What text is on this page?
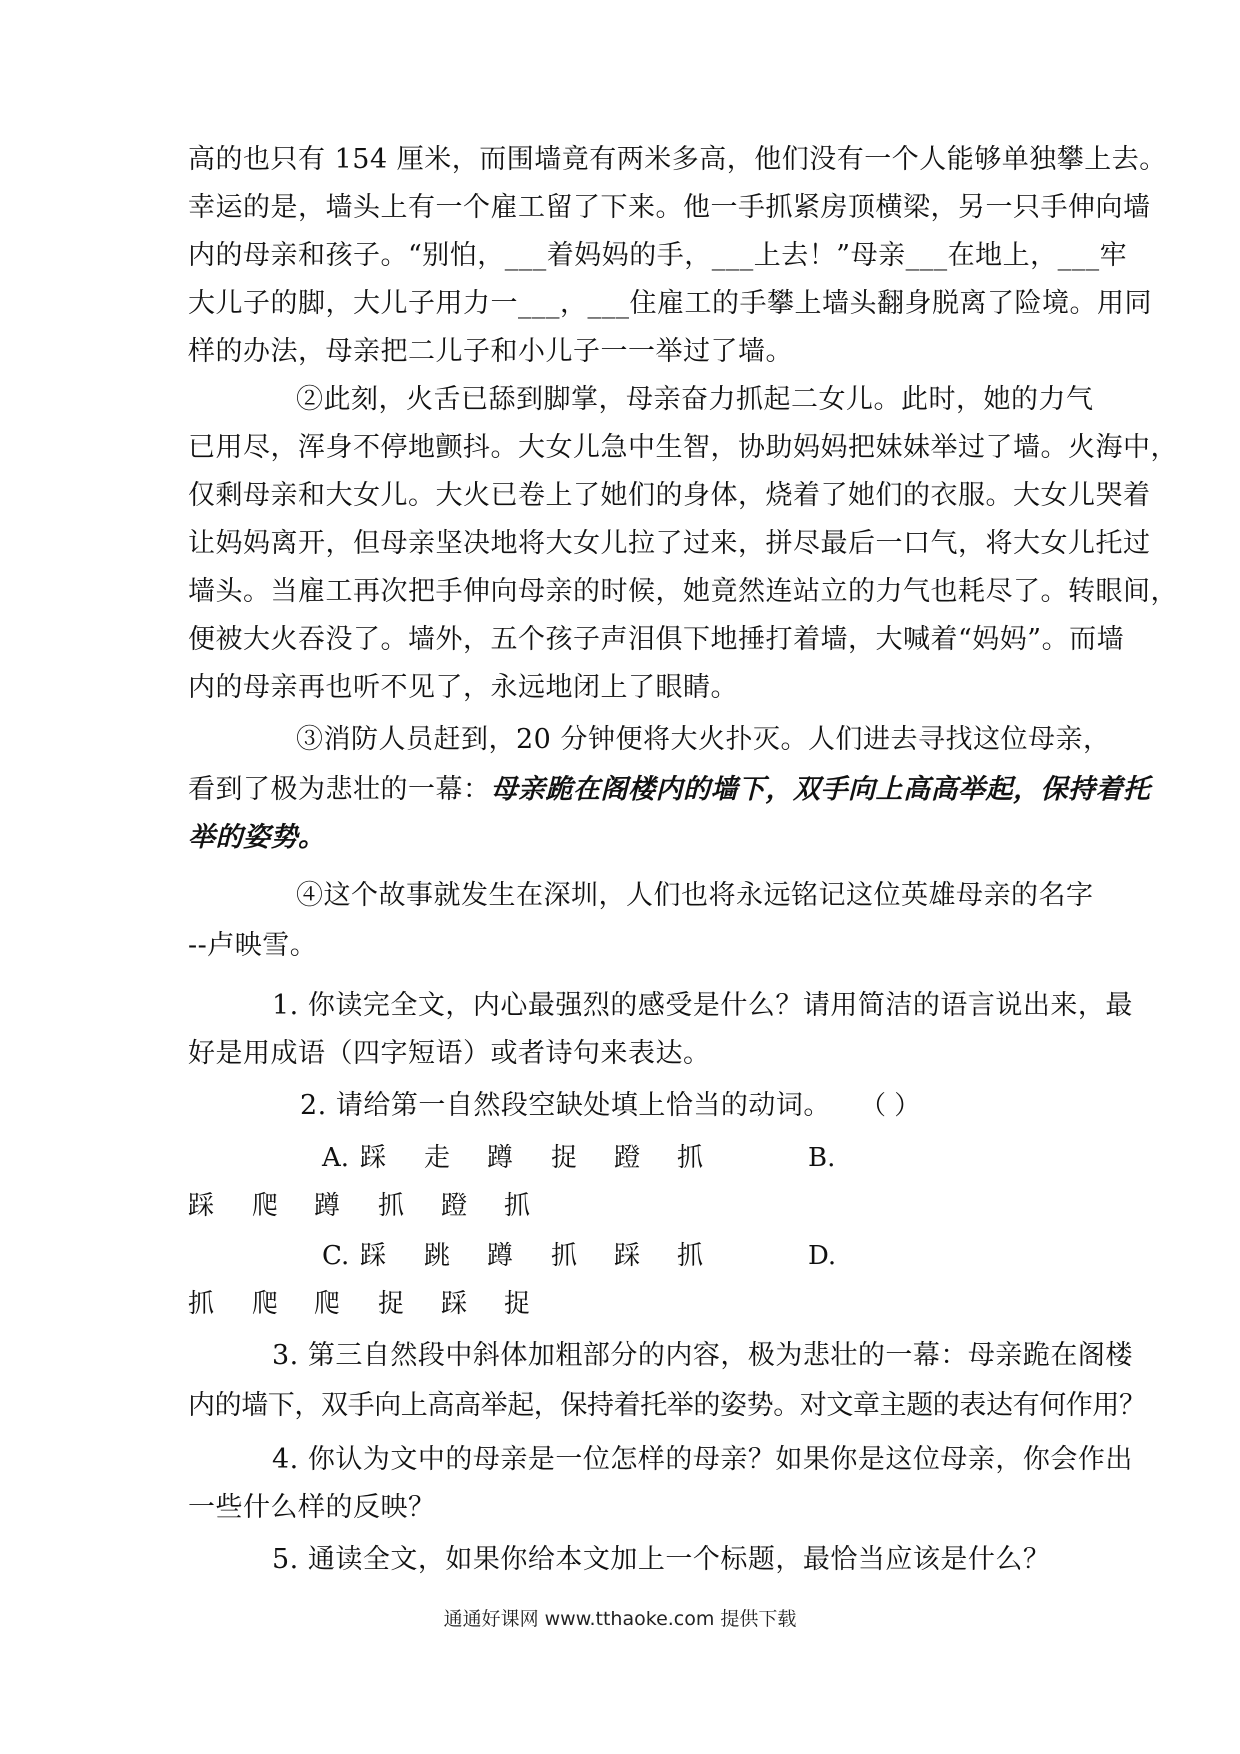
高的也只有 154 厘米，而围墙竟有两米多高，他们没有一个人能够单独攀上去。
幸运的是，墙头上有一个雇工留了下来。他一手抓紧房顶横梁，另一只手伸向墙
内的母亲和孩子。“别怕，___着妈妈的手，___上去！”母亲___在地上，___牢
大儿子的脚，大儿子用力一___，___住雇工的手攀上墙头翻身脱离了险境。用同
样的办法，母亲把二儿子和小儿子一一举过了墙。
②此刻，火舌已舔到脚掌，母亲奋力抓起二女儿。此时，她的力气
已用尽，浑身不停地颤抖。大女儿急中生智，协助妈妈把妹妹举过了墙。火海中，
仅剩母亲和大女儿。大火已卷上了她们的身体，烧着了她们的衣服。大女儿哭着
让妈妈离开，但母亲坚决地将大女儿拉了过来，拼尽最后一口气，将大女儿托过
墙头。当雇工再次把手伸向母亲的时候，她竟然连站立的力气也耗尽了。转眼间，
便被大火吞没了。墙外，五个孩子声泪俱下地捶打着墙，大喊着“妈妈”。而墙
内的母亲再也听不见了，永远地闭上了眼睛。
③消防人员赶到，20 分钟便将大火扑灭。人们进去寻找这位母亲，
看到了极为悲壮的一幕：母亲跪在阁楼内的墙下，双手向上高高举起，保持着托
举的姿势。
④这个故事就发生在深圳，人们也将永远铭记这位英雄母亲的名字
--卢映雪。
1. 你读完全文，内心最强烈的感受是什么？请用简洁的语言说出来，最
好是用成语（四字短语）或者诗句来表达。
2. 请给第一自然段空缺处填上恰当的动词。 （ ）
A. 踩 走 蹲 捉 蹬 抓	B.
踩 爬 蹲 抓 蹬 抓
C. 踩 跳 蹲 抓 踩 抓	D.
抓 爬 爬 捉 踩 捉
3. 第三自然段中斜体加粗部分的内容，极为悲壮的一幕：母亲跪在阁楼
内的墙下，双手向上高高举起，保持着托举的姿势。对文章主题的表达有何作用？
4. 你认为文中的母亲是一位怎样的母亲？如果你是这位母亲，你会作出
一些什么样的反映？
5. 通读全文，如果你给本文加上一个标题，最恰当应该是什么？
通通好课网 www.tthaoke.com 提供下载
